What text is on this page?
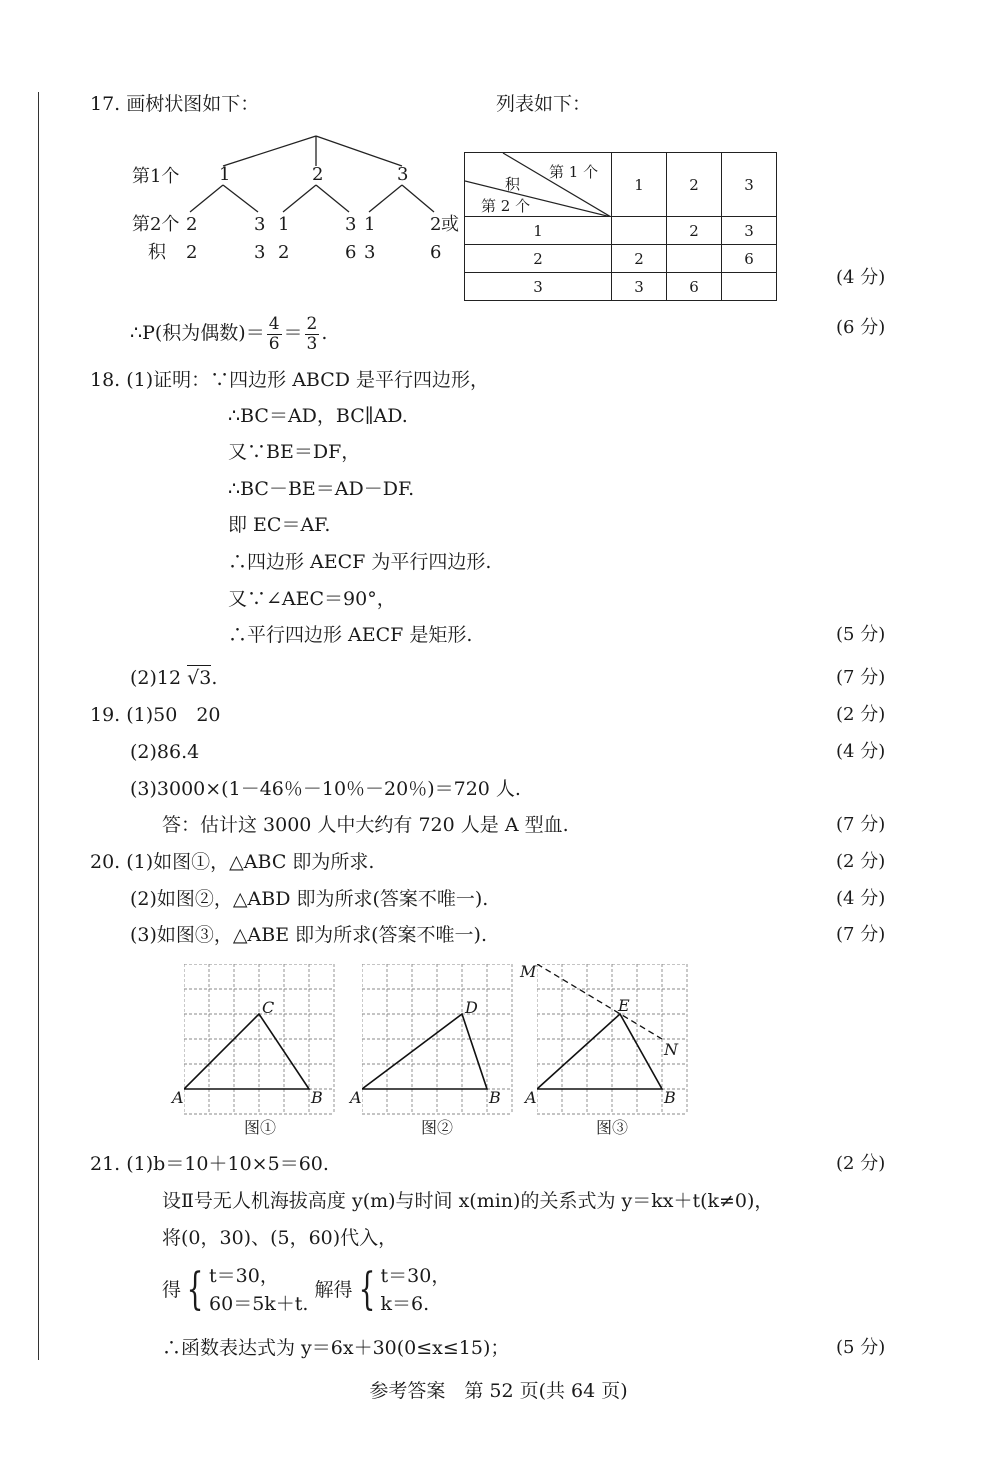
17. 画树状图如下：	列表如下：
第1个
第2个
积
1	2	3
2	3 1	3 1	2 或
2	3 2	6 3	6
第 1 个
积
第 2 个	1	2	3
1		2	3
2	2		6
3	3	6		(4 分)
∴P(积为偶数)＝ $\frac{4}{6} = \frac{2}{3}$ .	(6 分)
18. (1)证明：∵四边形 ABCD 是平行四边形，
∴BC＝AD，BC∥AD.
又∵BE＝DF，
∴BC－BE＝AD－DF.
即 EC＝AF.
∴四边形 AECF 为平行四边形.
又∵∠AEC＝90°，
∴平行四边形 AECF 是矩形.	(5 分)
(2)12 √3.	(7 分)
19. (1)50　20	(2 分)
(2)86.4	(4 分)
(3)3000×(1－46％－10％－20％)＝720 人.
答：估计这 3000 人中大约有 720 人是 A 型血.	(7 分)
20. (1)如图①，△ABC 即为所求.	(2 分)
(2)如图②，△ABD 即为所求(答案不唯一).	(4 分)
(3)如图③，△ABE 即为所求(答案不唯一).	(7 分)
A	B
C
图①
A	B
D
图②
A	B
E
M
N
图③
21. (1)b＝10＋10×5＝60.	(2 分)
设Ⅱ号无人机海拔高度 y(m)与时间 x(min)的关系式为 y＝kx＋t(k≠0)，
将(0，30)、(5，60)代入，
得 { t＝30，
60＝5k＋t.
解得 { t＝30，
k＝6.
∴函数表达式为 y＝6x＋30(0≤x≤15)；	(5 分)
参考答案　第 52 页(共 64 页)
